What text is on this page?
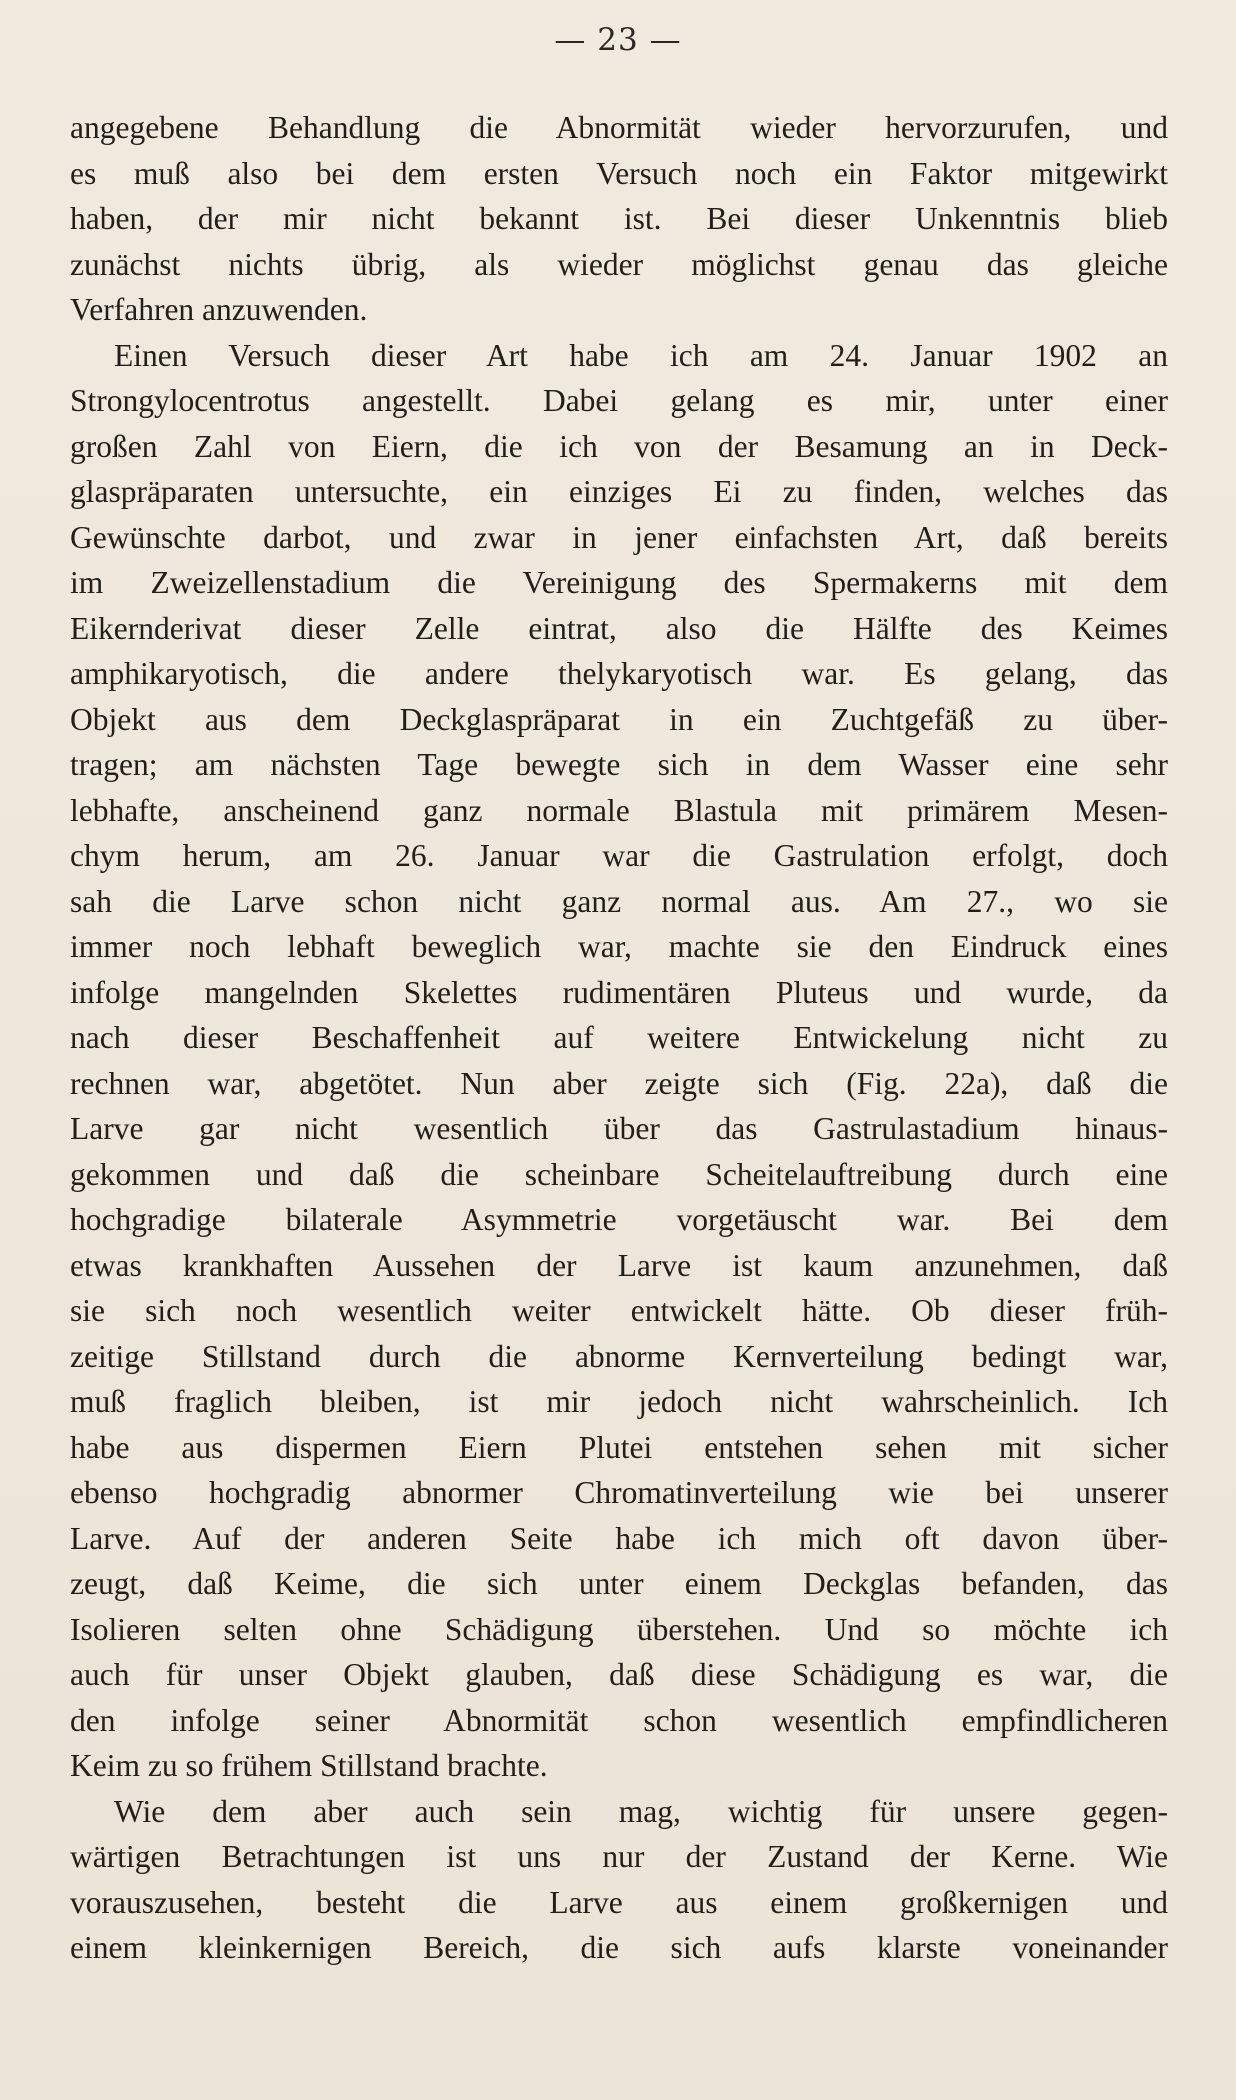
— 23 —
angegebene Behandlung die Abnormität wieder hervorzurufen, und
es muß also bei dem ersten Versuch noch ein Faktor mitgewirkt
haben, der mir nicht bekannt ist. Bei dieser Unkenntnis blieb
zunächst nichts übrig, als wieder möglichst genau das gleiche
Verfahren anzuwenden.
Einen Versuch dieser Art habe ich am 24. Januar 1902 an
Strongylocentrotus angestellt. Dabei gelang es mir, unter einer
großen Zahl von Eiern, die ich von der Besamung an in Deck-
glaspräparaten untersuchte, ein einziges Ei zu finden, welches das
Gewünschte darbot, und zwar in jener einfachsten Art, daß bereits
im Zweizellenstadium die Vereinigung des Spermakerns mit dem
Eikernderivat dieser Zelle eintrat, also die Hälfte des Keimes
amphikaryotisch, die andere thelykaryotisch war. Es gelang, das
Objekt aus dem Deckglaspräparat in ein Zuchtgefäß zu über-
tragen; am nächsten Tage bewegte sich in dem Wasser eine sehr
lebhafte, anscheinend ganz normale Blastula mit primärem Mesen-
chym herum, am 26. Januar war die Gastrulation erfolgt, doch
sah die Larve schon nicht ganz normal aus. Am 27., wo sie
immer noch lebhaft beweglich war, machte sie den Eindruck eines
infolge mangelnden Skelettes rudimentären Pluteus und wurde, da
nach dieser Beschaffenheit auf weitere Entwickelung nicht zu
rechnen war, abgetötet. Nun aber zeigte sich (Fig. 22a), daß die
Larve gar nicht wesentlich über das Gastrulastadium hinaus-
gekommen und daß die scheinbare Scheitelauftreibung durch eine
hochgradige bilaterale Asymmetrie vorgetäuscht war. Bei dem
etwas krankhaften Aussehen der Larve ist kaum anzunehmen, daß
sie sich noch wesentlich weiter entwickelt hätte. Ob dieser früh-
zeitige Stillstand durch die abnorme Kernverteilung bedingt war,
muß fraglich bleiben, ist mir jedoch nicht wahrscheinlich. Ich
habe aus dispermen Eiern Plutei entstehen sehen mit sicher
ebenso hochgradig abnormer Chromatinverteilung wie bei unserer
Larve. Auf der anderen Seite habe ich mich oft davon über-
zeugt, daß Keime, die sich unter einem Deckglas befanden, das
Isolieren selten ohne Schädigung überstehen. Und so möchte ich
auch für unser Objekt glauben, daß diese Schädigung es war, die
den infolge seiner Abnormität schon wesentlich empfindlicheren
Keim zu so frühem Stillstand brachte.
Wie dem aber auch sein mag, wichtig für unsere gegen-
wärtigen Betrachtungen ist uns nur der Zustand der Kerne. Wie
vorauszusehen, besteht die Larve aus einem großkernigen und
einem kleinkernigen Bereich, die sich aufs klarste voneinander
